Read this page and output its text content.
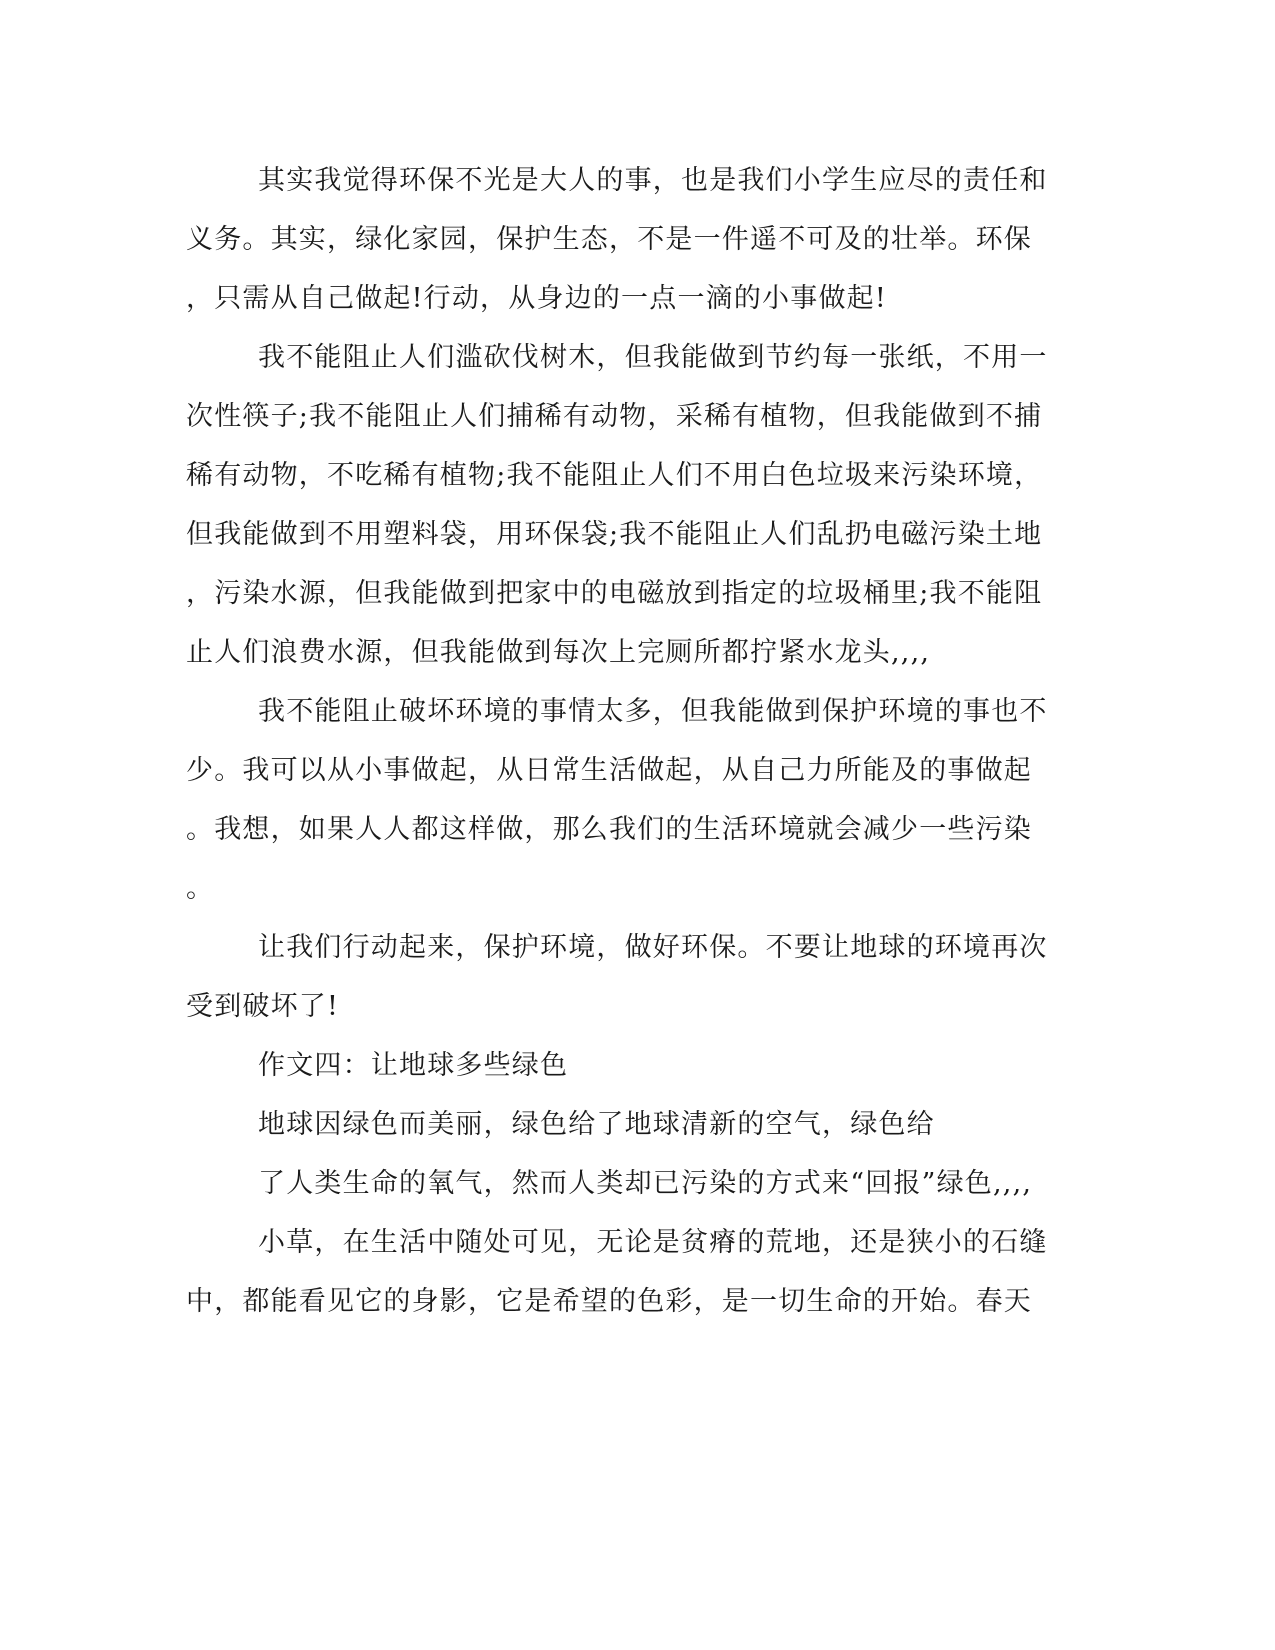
其实我觉得环保不光是大人的事，也是我们小学生应尽的责任和
义务。其实，绿化家园，保护生态，不是一件遥不可及的壮举。环保
，只需从自己做起!行动，从身边的一点一滴的小事做起!
我不能阻止人们滥砍伐树木，但我能做到节约每一张纸，不用一
次性筷子;我不能阻止人们捕稀有动物，采稀有植物，但我能做到不捕
稀有动物，不吃稀有植物;我不能阻止人们不用白色垃圾来污染环境，
但我能做到不用塑料袋，用环保袋;我不能阻止人们乱扔电磁污染土地
，污染水源，但我能做到把家中的电磁放到指定的垃圾桶里;我不能阻
止人们浪费水源，但我能做到每次上完厕所都拧紧水龙头,,,,
我不能阻止破坏环境的事情太多，但我能做到保护环境的事也不
少。我可以从小事做起，从日常生活做起，从自己力所能及的事做起
。我想，如果人人都这样做，那么我们的生活环境就会减少一些污染
。
让我们行动起来，保护环境，做好环保。不要让地球的环境再次
受到破坏了!
作文四：让地球多些绿色
地球因绿色而美丽，绿色给了地球清新的空气，绿色给
了人类生命的氧气，然而人类却已污染的方式来“回报”绿色,,,,
小草，在生活中随处可见，无论是贫瘠的荒地，还是狭小的石缝
中，都能看见它的身影，它是希望的色彩，是一切生命的开始。春天
